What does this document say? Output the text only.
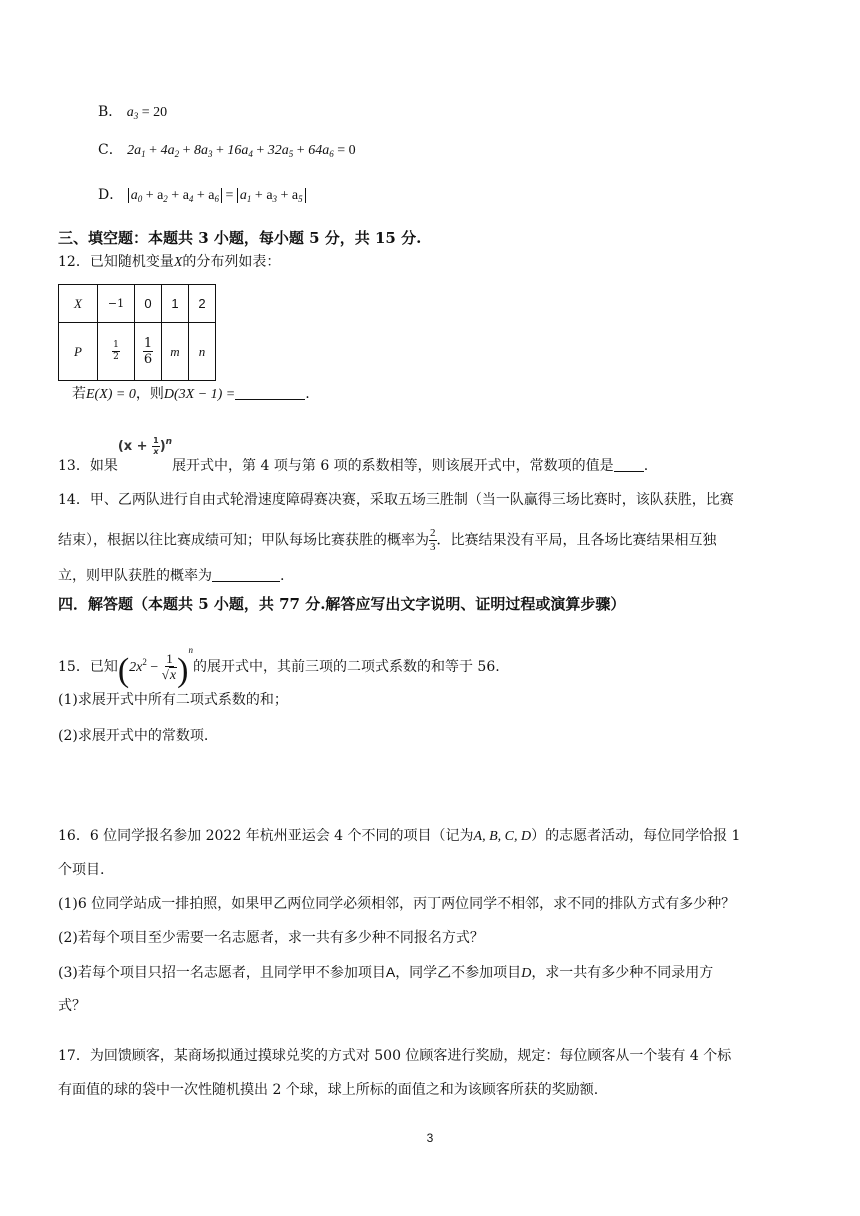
B． $a_3 = 20$
C． $2a_1 + 4a_2 + 8a_3 + 16a_4 + 32a_5 + 64a_6 = 0$
D． $a_0 + a_2 + a_4 + a_6 = a_1 + a_3 + a_5$
三、填空题：本题共 3 小题，每小题 5 分，共 15 分.
12．已知随机变量X的分布列如表：
X	−1	0	1	2
P	$\frac{1}{2}$	$\frac{1}{6}$	m	n
若E(X) = 0，则D(3X − 1) =	.
13．如果$(x + \frac{1}{x} )^n$展开式中，第 4 项与第 6 项的系数相等，则该展开式中，常数项的值是 .
14．甲、乙两队进行自由式轮滑速度障碍赛决赛，采取五场三胜制（当一队赢得三场比赛时，该队获胜，比赛
结束），根据以往比赛成绩可知；甲队每场比赛获胜的概率为 $\frac{2}{3}$ ．比赛结果没有平局，且各场比赛结果相互独
立，则甲队获胜的概率为	.
四．解答题（本题共 5 小题，共 77 分.解答应写出文字说明、证明过程或演算步骤）
15．已知$(2x^2 - \frac{1}{√x} )^n$的展开式中，其前三项的二项式系数的和等于 56.
(1)求展开式中所有二项式系数的和；
(2)求展开式中的常数项.
16．6 位同学报名参加 2022 年杭州亚运会 4 个不同的项目（记为A, B, C, D）的志愿者活动，每位同学恰报 1
个项目.
(1)6 位同学站成一排拍照，如果甲乙两位同学必须相邻，丙丁两位同学不相邻，求不同的排队方式有多少种？
(2)若每个项目至少需要一名志愿者，求一共有多少种不同报名方式？
(3)若每个项目只招一名志愿者，且同学甲不参加项目A，同学乙不参加项目D，求一共有多少种不同录用方
式？
17．为回馈顾客，某商场拟通过摸球兑奖的方式对 500 位顾客进行奖励，规定：每位顾客从一个装有 4 个标
有面值的球的袋中一次性随机摸出 2 个球，球上所标的面值之和为该顾客所获的奖励额.
3
